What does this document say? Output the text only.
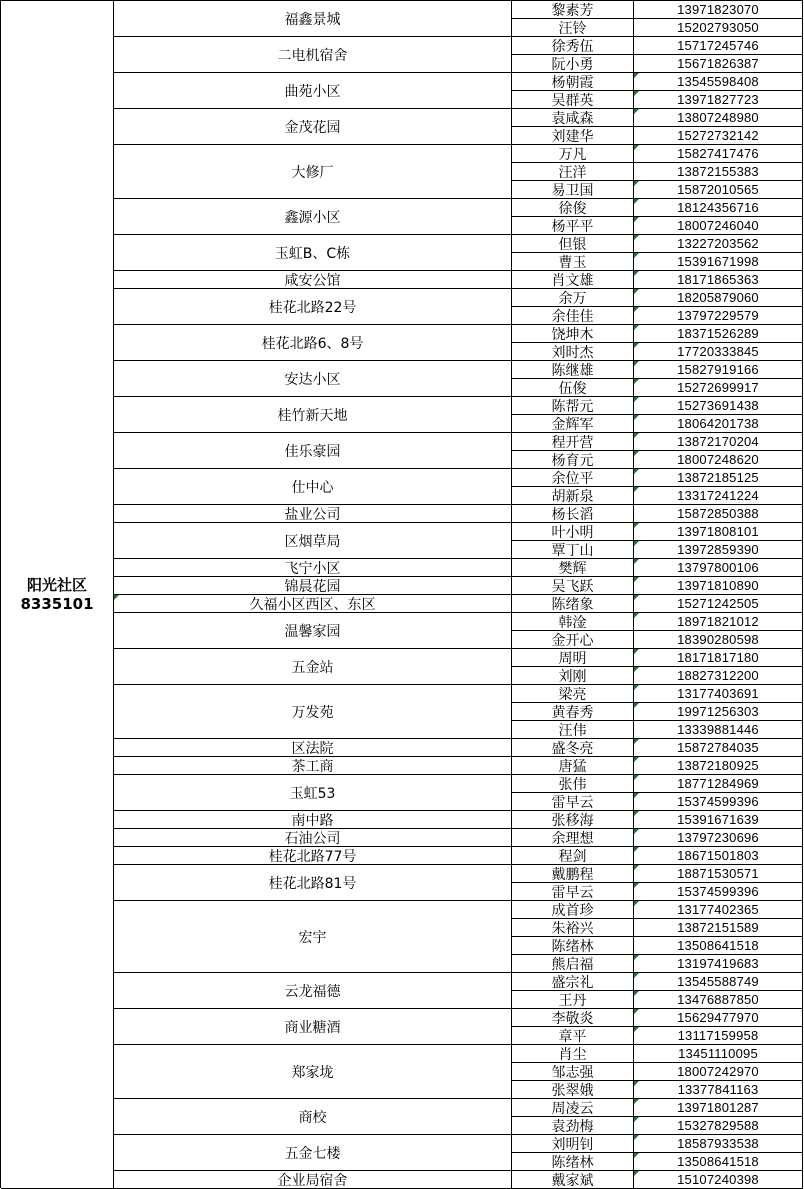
阳光社区
8335101
福鑫景城
黎素芳	13971823070
汪铃	15202793050
二电机宿舍
徐秀伍	15717245746
阮小勇	15671826387
曲苑小区
杨朝霞	13545598408
吴群英	13971827723
金茂花园
袁咸森	13807248980
刘建华	15272732142
大修厂
万凡	15827417476
汪洋	13872155383
易卫国	15872010565
鑫源小区
徐俊	18124356716
杨平平	18007246040
玉虹B、C栋
但银	13227203562
曹玉	15391671998
咸安公馆	肖文雄	18171865363
桂花北路22号
余万	18205879060
余佳佳	13797229579
桂花北路6、8号
饶坤木	18371526289
刘时杰	17720333845
安达小区
陈继雄	15827919166
伍俊	15272699917
桂竹新天地
陈帮元	15273691438
金辉军	18064201738
佳乐豪园
程开营	13872170204
杨育元	18007248620
仕中心
余位平	13872185125
胡新泉	13317241224
盐业公司	杨长滔	15872850388
区烟草局
叶小明	13971808101
覃丁山	13972859390
飞宁小区	樊辉	13797800106
锦晨花园	吴飞跃	13971810890
久福小区西区、东区	陈绪象	15271242505
温馨家园
韩淦	18971821012
金开心	18390280598
五金站
周明	18171817180
刘刚	18827312200
万发苑
梁亮	13177403691
黄春秀	19971256303
汪伟	13339881446
区法院	盛冬亮	15872784035
茶工商	唐猛	13872180925
玉虹53
张伟	18771284969
雷早云	15374599396
南中路	张移海	15391671639
石油公司	余理想	13797230696
桂花北路77号	程剑	18671501803
桂花北路81号
戴鹏程	18871530571
雷早云	15374599396
宏宇
成首珍	13177402365
朱裕兴	13872151589
陈绪林	13508641518
熊启福	13197419683
云龙福德
盛宗礼	13545588749
王丹	13476887850
商业糖酒
李敬炎	15629477970
章平	13117159958
郑家垅
肖尘	13451110095
邹志强	18007242970
张翠娥	13377841163
商校
周凌云	13971801287
袁劲梅	15327829588
五金七楼
刘明钊	18587933538
陈绪林	13508641518
企业局宿舍	戴家斌	15107240398
